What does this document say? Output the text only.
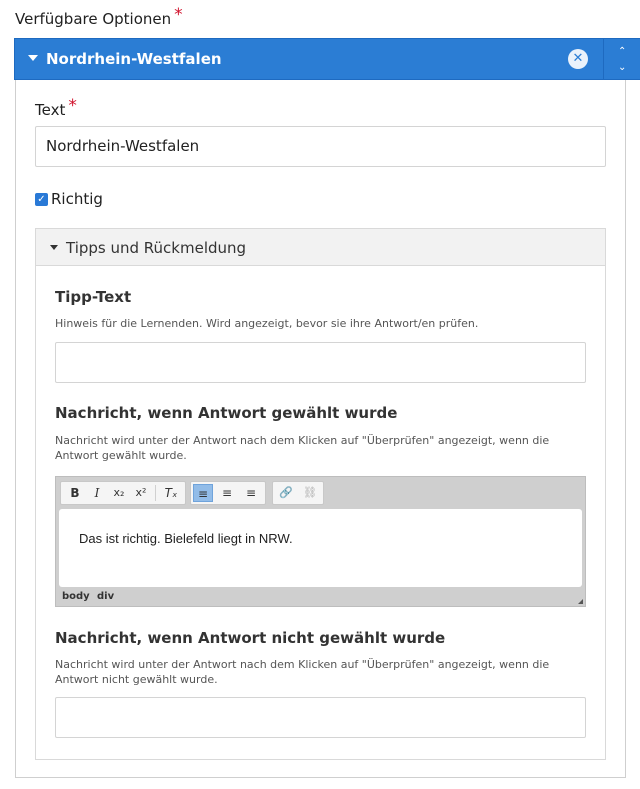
Verfügbare Optionen *
Nordrhein-Westfalen	✕	⌃
⌄
Text *
Nordrhein-Westfalen
✓ Richtig
Tipps und Rückmeldung
Tipp-Text
Hinweis für die Lernenden. Wird angezeigt, bevor sie ihre Antwort/en prüfen.
Nachricht, wenn Antwort gewählt wurde
Nachricht wird unter der Antwort nach dem Klicken auf "Überprüfen" angezeigt, wenn die Antwort gewählt wurde.
B	I	x₂	x²	Tₓ	≡	≡	≡	🔗 ⛓
Das ist richtig. Bielefeld liegt in NRW.
body div
Nachricht, wenn Antwort nicht gewählt wurde
Nachricht wird unter der Antwort nach dem Klicken auf "Überprüfen" angezeigt, wenn die Antwort nicht gewählt wurde.
